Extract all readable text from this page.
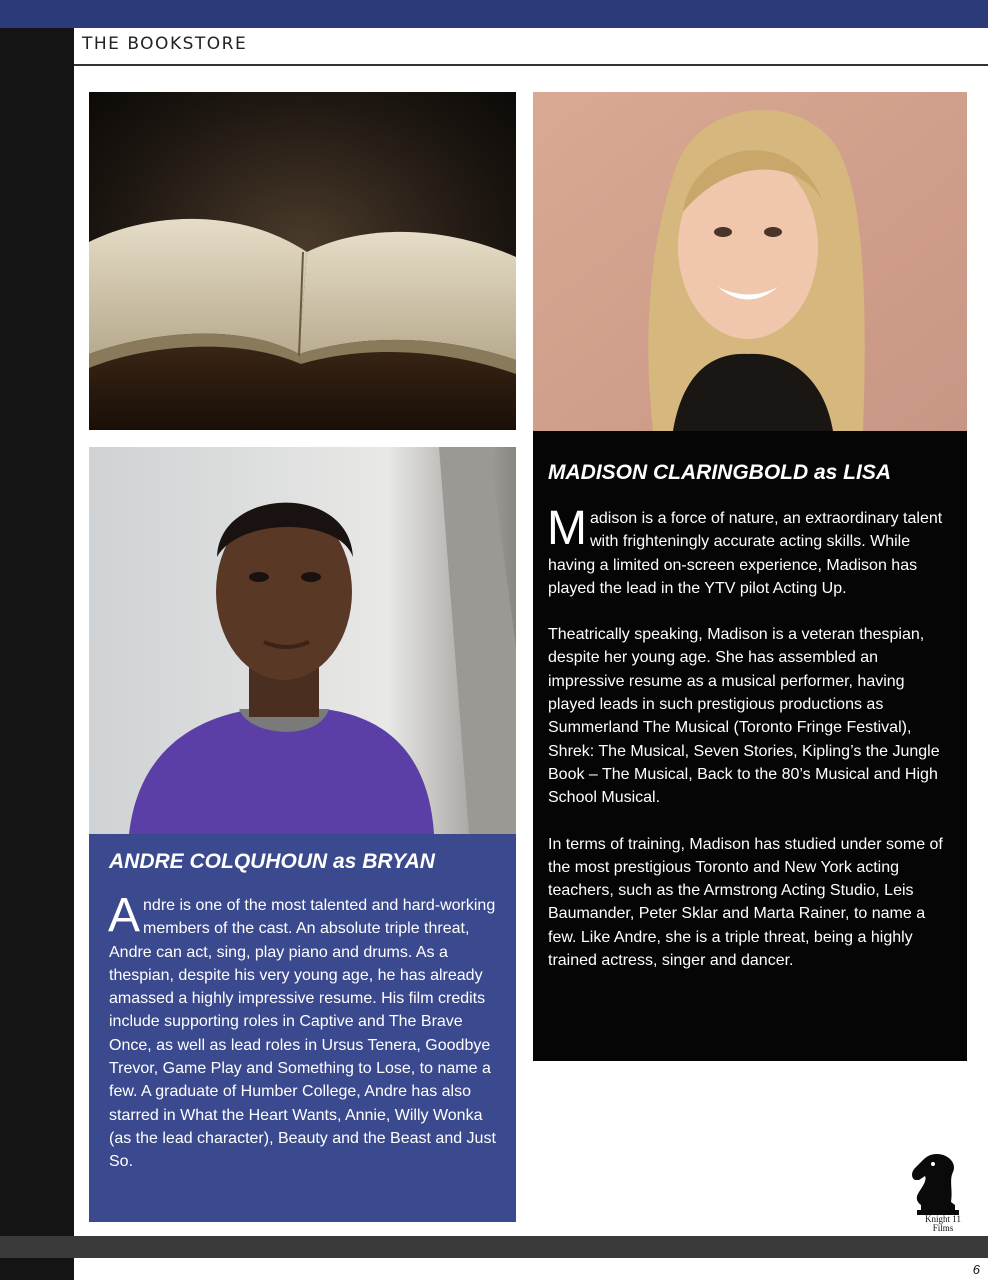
THE BOOKSTORE
MADISON CLARINGBOLD as LISA

Madison is a force of nature, an extraordinary talent with frighteningly accurate acting skills. While having a limited on-screen experience, Madison has played the lead in the YTV pilot Acting Up.

Theatrically speaking, Madison is a veteran thespian, despite her young age. She has assembled an impressive resume as a musical performer, having played leads in such prestigious productions as Summerland The Musical (Toronto Fringe Festival), Shrek: The Musical, Seven Stories, Kipling’s the Jungle Book – The Musical, Back to the 80’s Musical and High School Musical.

In terms of training, Madison has studied under some of the most prestigious Toronto and New York acting teachers, such as the Armstrong Acting Studio, Leis Baumander, Peter Sklar and Marta Rainer, to name a few. Like Andre, she is a triple threat, being a highly trained actress, singer and dancer.

ANDRE COLQUHOUN as BRYAN

Andre is one of the most talented and hard-working members of the cast. An absolute triple threat, Andre can act, sing, play piano and drums. As a thespian, despite his very young age, he has already amassed a highly impressive resume. His film credits include supporting roles in Captive and The Brave Once, as well as lead roles in Ursus Tenera, Goodbye Trevor, Game Play and Something to Lose, to name a few. A graduate of Humber College, Andre has also starred in What the Heart Wants, Annie, Willy Wonka (as the lead character), Beauty and the Beast and Just So.

Knight 11
Films
6
